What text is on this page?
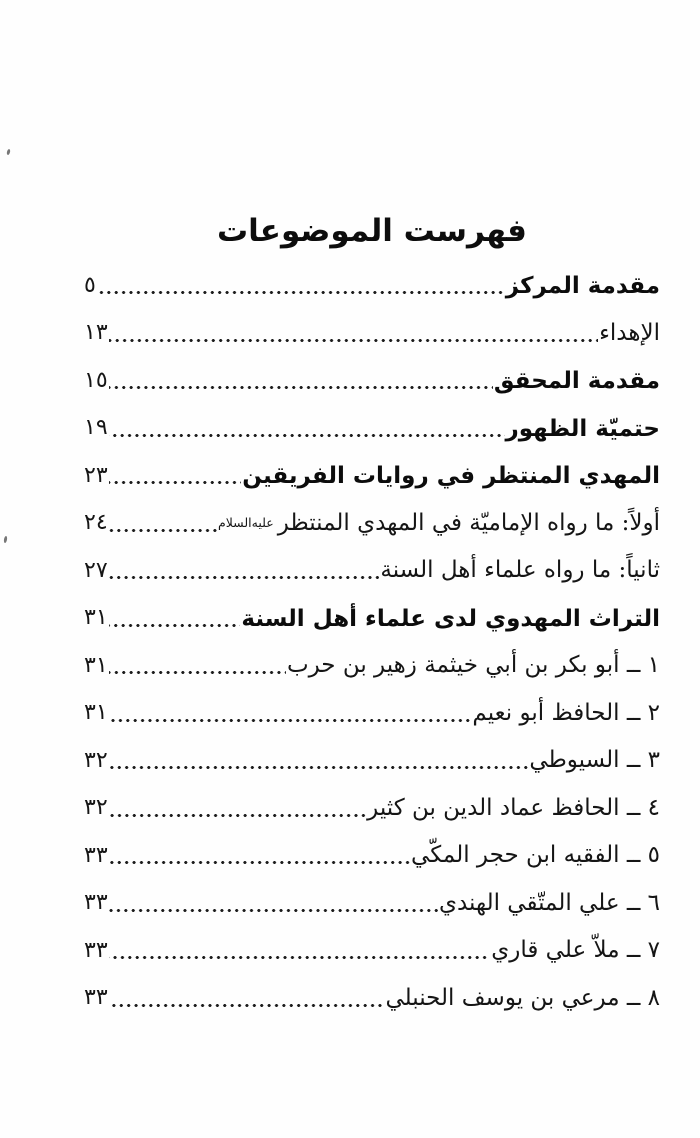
فهرست الموضوعات
مقدمة المركز
٥
الإهداء
١٣
مقدمة المحقق
١٥
حتميّة الظهور
١٩
المهدي المنتظر في روايات الفريقين
٢٣
أولاً: ما رواه الإماميّة في المهدي المنتظرعليه‌السلام
٢٤
ثانياً: ما رواه علماء أهل السنة
٢٧
التراث المهدوي لدى علماء أهل السنة
٣١
١ ــ أبو بكر بن أبي خيثمة زهير بن حرب
٣١
٢ ــ الحافظ أبو نعيم
٣١
٣ ــ السيوطي
٣٢
٤ ــ الحافظ عماد الدين بن كثير
٣٢
٥ ــ الفقيه ابن حجر المكّي
٣٣
٦ ــ علي المتّقي الهندي
٣٣
٧ ــ ملاّ علي قاري
٣٣
٨ ــ مرعي بن يوسف الحنبلي
٣٣
